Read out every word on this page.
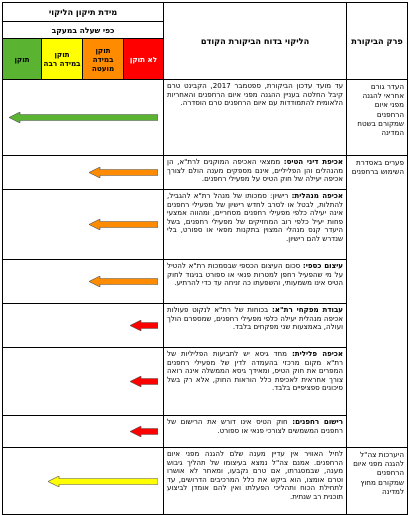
פרק הביקורת	הליקוי בדוח הביקורת הקודם	מידת תיקון הליקוי			
		כפי שעלה במעקב			

		לא תוקן	תוקן במידה מועטה	תוקן במידה רבה	תוקן

העדר גורם אחראי להגנה מפני איום הרחפנים שמקורם בשטח המדינה	עד מועד עדכון הביקורת, ספטמבר 2017, הקבינט טרם קיבל החלטה בעניין ההגנה מפני איום הרחפנים והאחריות הלאומית להתמודדות עם איום הרחפנים טרם הוסדרה.	

פערים באסדרת השימוש ברחפנים	אכיפת דיני הטיס: ממצאי האכיפה המוקנים לרת"א, הן מהנהלים והן הפליליים, אינם מספקים מענה הולם לצורך אכיפה יעילה של חוק הטיס על מפעילי רחפנים.	

	אכיפה מנהלית: רישיון: סמכותו של מנהל רת"א להגביל, להתלות, לבטל או לסרב לחדש רישיון של מפעילי רחפנים אינה יעילה כלפי מפעילי רחפנים מסחריים, ומהווה אמצעי פחות יעיל כלפי רוב המחזיקים של מפעילי רחפנים, בשל היעדר קנס מנהלי המצוין בתקנות מפאי או ספורט, בלי שנדרש להם רישיון.	

	עיצום כספי: סכום העיצום הכספי שבסמכות רת"א להטיל על מי שהפעיל רחפן למטרות פנאי או ספורט בניגוד לחוק הטיס אינו משמעותי, והשפעתו כה זניחה עד כדי להרתיע.	

	עבודת מפקחי רת"א: בכוחות של רת"א לנקוט פעולות אכיפה מנהלית יעילה כלפי מפעילי רחפנים, שמספרם הולך ועולה, באמצעות שני מפקחים בלבד.	

	אכיפה פלילית: מחד גיסא יש לתביעות הפליליות של רת"א מקום מרכזי בהעמדה לדין של מפעילי רחפנים המפרים את חוק הטיס, ומאידך גיסא הממשלה אינה רואה צורך אחראית לאכיפת כלל הוראות החוק, אלא רק בשל סיכונים ספציפיים בלבד.	

	רישום רחפנים: חוק הטיס אינו דורש את הרישום של רחפנים המשמשים לצורכי פנאי או ספורט.	

היערכות צה"ל להגנה מפני איום הרחפנים שמקורם מחוץ למדינה	לחיל האוויר אין עדיין מענה שלם להגנה מפני איום הרחפנים. אמנם צה"ל נמצא בעיצומו של תהליך גיבוש מענה, שבמסגרתו, אם טרם נקבעו, ומאחר לא אושרו וטרם אומצו, הוא ביקש את כלל המרכיבים הדרושים, עד לתחילת הכוח ותהליכי הפעלתו ואין להם אומדן לביצוע תוכנית רב שנתית.	
